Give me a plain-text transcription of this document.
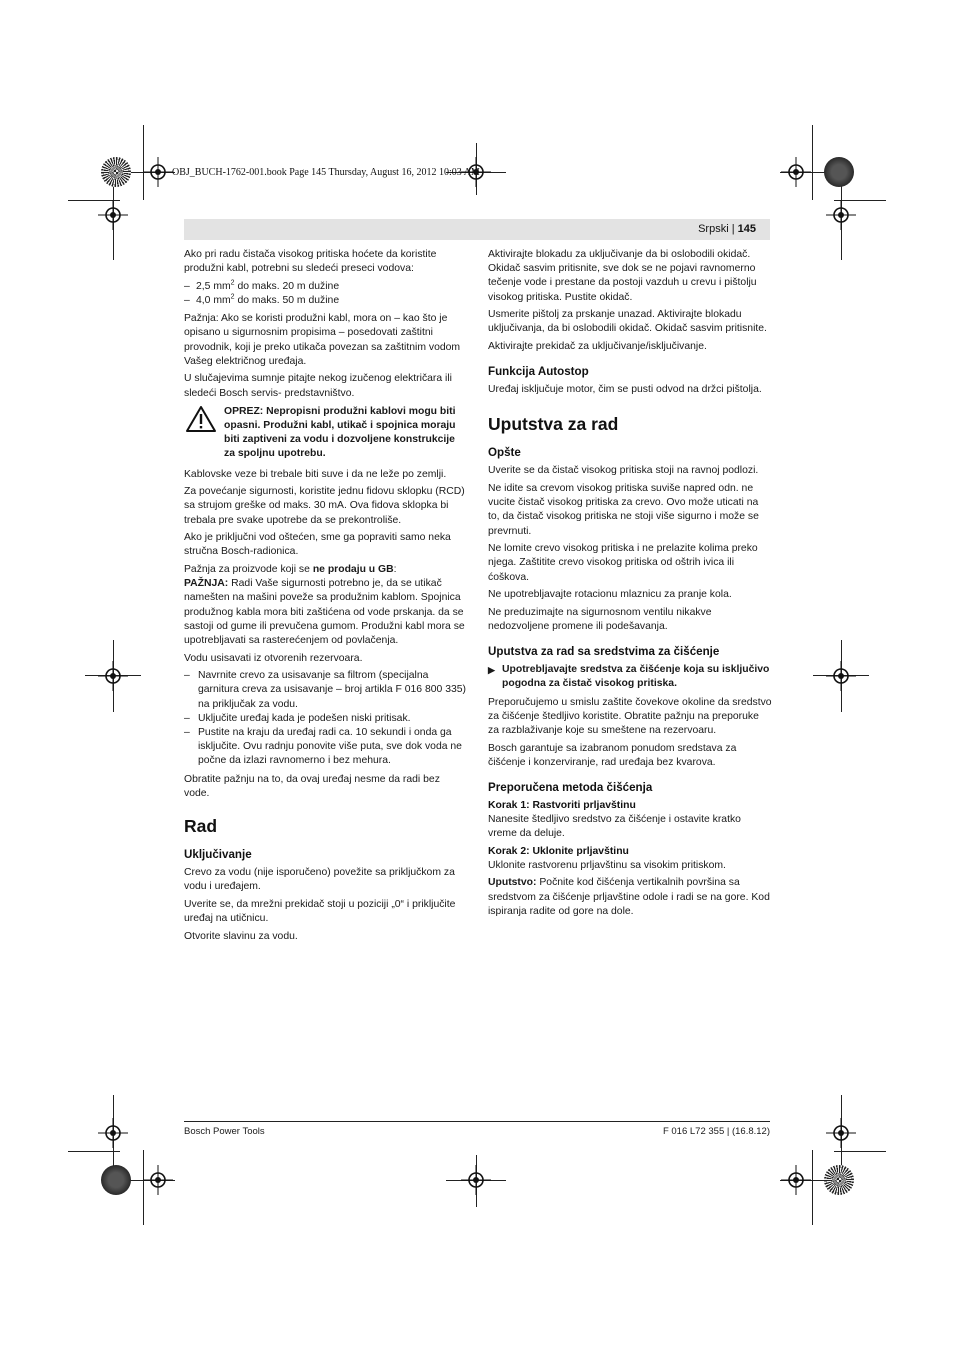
OBJ_BUCH-1762-001.book Page 145 Thursday, August 16, 2012 10:03 AM
Srpski | 145

Ako pri radu čistača visokog pritiska hoćete da koristite produžni kabl, potrebni su sledeći preseci vodova:

– 2,5 $mm^2$ do maks. 20 m dužine
– 4,0 $mm^2$ do maks. 50 m dužine

Pažnja: Ako se koristi produžni kabl, mora on – kao što je opisano u sigurnosnim propisima – posedovati zaštitni provodnik, koji je preko utikača povezan sa zaštitnim vodom Vašeg električnog uređaja.

U slučajevima sumnje pitajte nekog izučenog električara ili sledeći Bosch servis- predstavništvo.

OPREZ: Nepropisni produžni kablovi mogu biti opasni. Produžni kabl, utikač i spojnica moraju biti zaptiveni za vodu i dozvoljene konstrukcije za spoljnu upotrebu.

Kablovske veze bi trebale biti suve i da ne leže po zemlji.

Za povećanje sigurnosti, koristite jednu fidovu sklopku (RCD) sa strujom greške od maks. 30 mA. Ova fidova sklopka bi trebala pre svake upotrebe da se prekontroliše.

Ako je priključni vod oštećen, sme ga popraviti samo neka stručna Bosch-radionica.

Pažnja za proizvode koji se ne prodaju u GB:

PAŽNJA: Radi Vaše sigurnosti potrebno je, da se utikač namešten na mašini poveže sa produžnim kablom. Spojnica produžnog kabla mora biti zaštićena od vode prskanja. da se sastoji od gume ili prevučena gumom. Produžni kabl mora se upotrebljavati sa rasterećenjem od povlačenja.

Vodu usisavati iz otvorenih rezervoara.

– Navrnite crevo za usisavanje sa filtrom (specijalna garnitura creva za usisavanje – broj artikla F 016 800 335) na priključak za vodu.
– Uključite uređaj kada je podešen niski pritisak.
– Pustite na kraju da uređaj radi ca. 10 sekundi i onda ga isključite. Ovu radnju ponovite više puta, sve dok voda ne počne da izlazi ravnomerno i bez mehura.

Obratite pažnju na to, da ovaj uređaj nesme da radi bez vode.

Rad
Uključivanje

Crevo za vodu (nije isporučeno) povežite sa priključkom za vodu i uređajem.

Uverite se, da mrežni prekidač stoji u poziciji „0“ i priključite uređaj na utičnicu.

Otvorite slavinu za vodu.

Aktivirajte blokadu za uključivanje da bi oslobodili okidač. Okidač sasvim pritisnite, sve dok se ne pojavi ravnomerno tečenje vode i prestane da postoji vazduh u crevu i pištolju visokog pritiska. Pustite okidač.

Usmerite pištolj za prskanje unazad. Aktivirajte blokadu uključivanja, da bi oslobodili okidač. Okidač sasvim pritisnite.

Aktivirajte prekidač za uključivanje/isključivanje.

Funkcija Autostop

Uređaj isključuje motor, čim se pusti odvod na držci pištolja.

Uputstva za rad
Opšte

Uverite se da čistač visokog pritiska stoji na ravnoj podlozi.

Ne idite sa crevom visokog pritiska suviše napred odn. ne vucite čistač visokog pritiska za crevo. Ovo može uticati na to, da čistač visokog pritiska ne stoji više sigurno i može se prevrnuti.

Ne lomite crevo visokog pritiska i ne prelazite kolima preko njega. Zaštitite crevo visokog pritiska od oštrih ivica ili ćoškova.

Ne upotrebljavajte rotacionu mlaznicu za pranje kola.

Ne preduzimajte na sigurnosnom ventilu nikakve nedozvoljene promene ili podešavanja.

Uputstva za rad sa sredstvima za čišćenje
▶ Upotrebljavajte sredstva za čišćenje koja su isključivo pogodna za čistač visokog pritiska.

Preporučujemo u smislu zaštite čovekove okoline da sredstvo za čišćenje štedljivo koristite. Obratite pažnju na preporuke za razblaživanje koje su smeštene na rezervoaru.

Bosch garantuje sa izabranom ponudom sredstava za čišćenje i konzerviranje, rad uređaja bez kvarova.

Preporučena metoda čišćenja
Korak 1: Rastvoriti prljavštinu

Nanesite štedljivo sredstvo za čišćenje i ostavite kratko vreme da deluje.

Korak 2: Uklonite prljavštinu

Uklonite rastvorenu prljavštinu sa visokim pritiskom.

Uputstvo: Počnite kod čišćenja vertikalnih površina sa sredstvom za čišćenje prljavštine odole i radi se na gore. Kod ispiranja radite od gore na dole.

Bosch Power Tools	F 016 L72 355 | (16.8.12)
